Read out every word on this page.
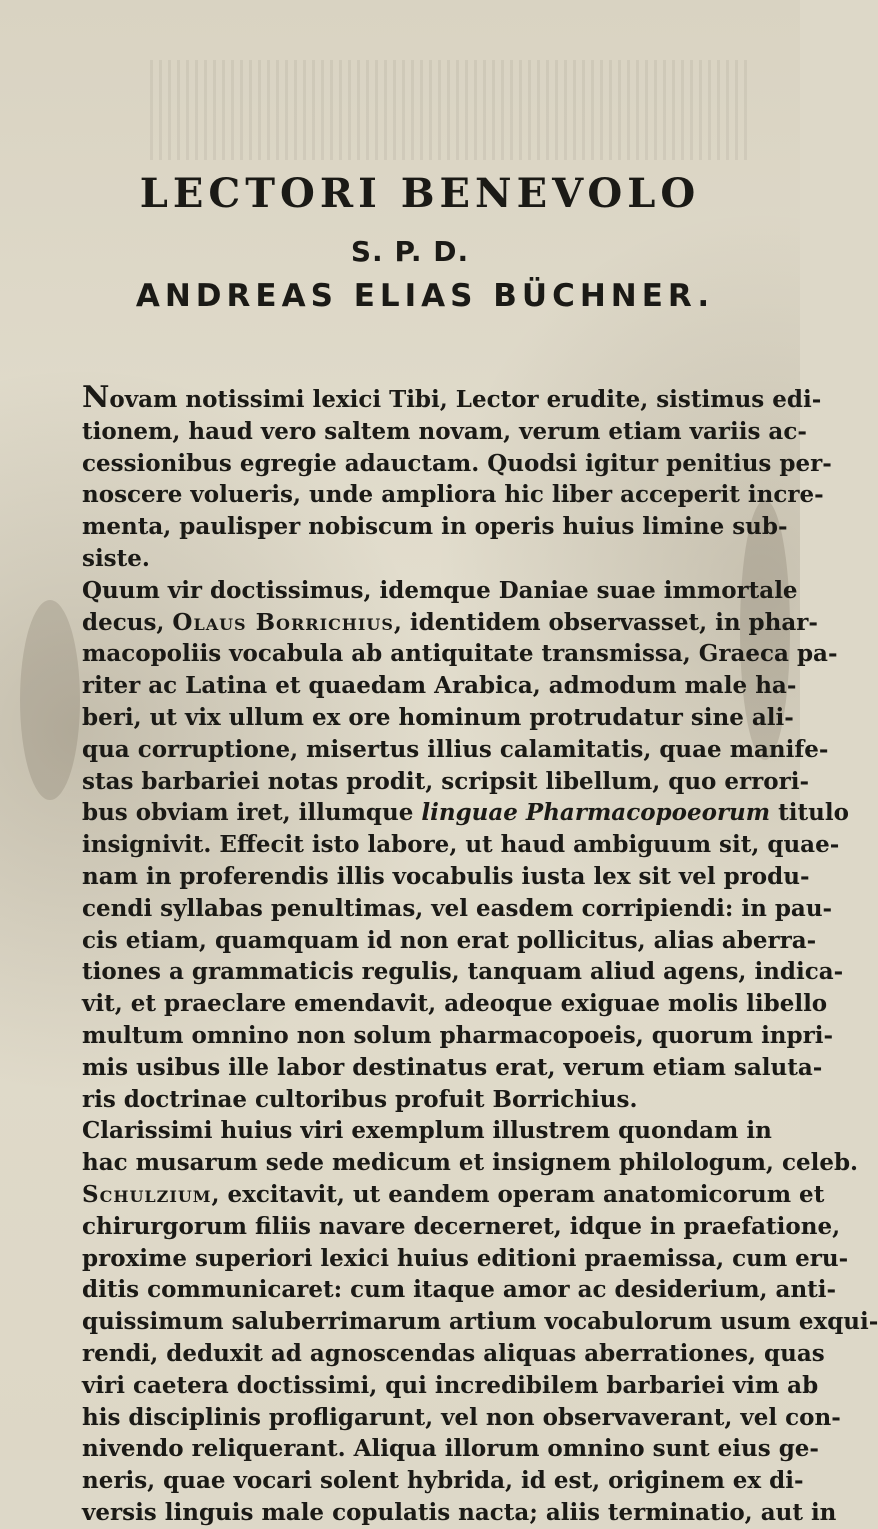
LECTORI BENEVOLO
S. P. D.
ANDREAS ELIAS BÜCHNER.

Novam notissimi lexici Tibi, Lector erudite, sistimus edi-
tionem, haud vero saltem novam, verum etiam variis ac-
cessionibus egregie adauctam. Quodsi igitur penitius per-
noscere volueris, unde ampliora hic liber acceperit incre-
menta, paulisper nobiscum in operis huius limine sub-
siste.

Quum vir doctissimus, idemque Daniae suae immortale
decus, Olaus Borrichius, identidem observasset, in phar-
macopoliis vocabula ab antiquitate transmissa, Graeca pa-
riter ac Latina et quaedam Arabica, admodum male ha-
beri, ut vix ullum ex ore hominum protrudatur sine ali-
qua corruptione, misertus illius calamitatis, quae manife-
stas barbariei notas prodit, scripsit libellum, quo errori-
bus obviam iret, illumque linguae Pharmacopoeorum titulo
insignivit. Effecit isto labore, ut haud ambiguum sit, quae-
nam in proferendis illis vocabulis iusta lex sit vel produ-
cendi syllabas penultimas, vel easdem corripiendi: in pau-
cis etiam, quamquam id non erat pollicitus, alias aberra-
tiones a grammaticis regulis, tanquam aliud agens, indica-
vit, et praeclare emendavit, adeoque exiguae molis libello
multum omnino non solum pharmacopoeis, quorum inpri-
mis usibus ille labor destinatus erat, verum etiam saluta-
ris doctrinae cultoribus profuit Borrichius.

Clarissimi huius viri exemplum illustrem quondam in
hac musarum sede medicum et insignem philologum, celeb.
Schulzium, excitavit, ut eandem operam anatomicorum et
chirurgorum filiis navare decerneret, idque in praefatione,
proxime superiori lexici huius editioni praemissa, cum eru-
ditis communicaret: cum itaque amor ac desiderium, anti-
quissimum saluberrimarum artium vocabulorum usum exqui-
rendi, deduxit ad agnoscendas aliquas aberrationes, quas
viri caetera doctissimi, qui incredibilem barbariei vim ab
his disciplinis profligarunt, vel non observaverant, vel con-
nivendo reliquerant. Aliqua illorum omnino sunt eius ge-
neris, quae vocari solent hybrida, id est, originem ex di-
versis linguis male copulatis nacta; aliis terminatio, aut in
